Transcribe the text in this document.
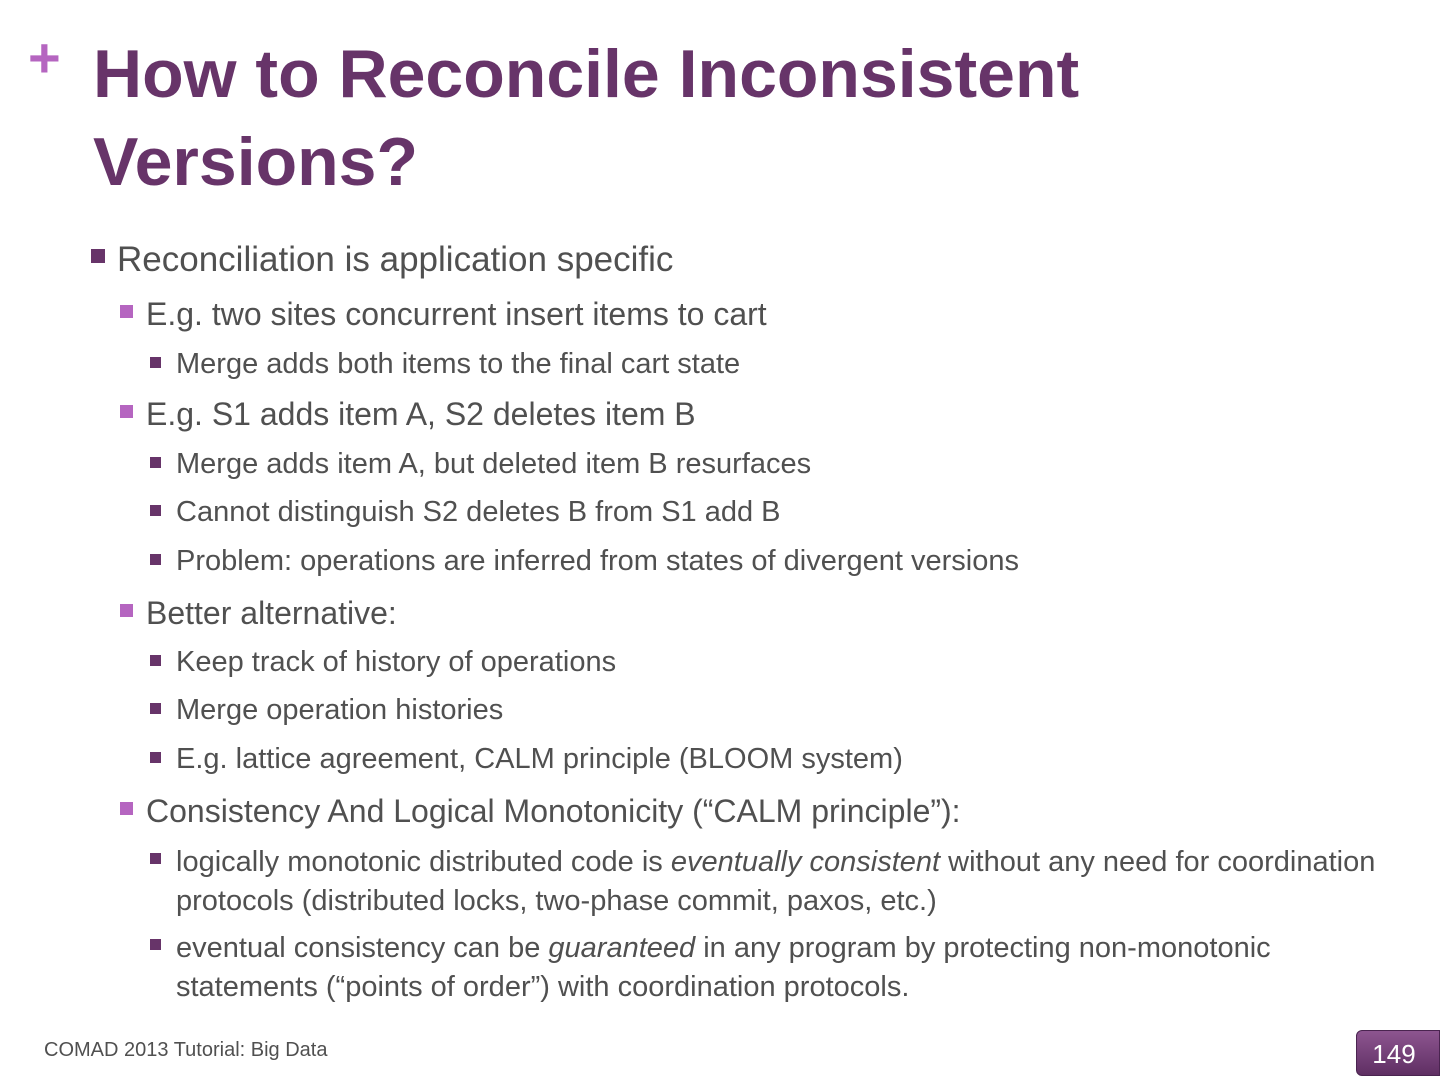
+ How to Reconcile Inconsistent Versions?
Reconciliation is application specific
E.g. two sites concurrent insert items to cart
Merge adds both items to the final cart state
E.g. S1 adds item A, S2 deletes item B
Merge adds item A, but deleted item B resurfaces
Cannot distinguish S2 deletes B from S1 add B
Problem: operations are inferred from states of divergent versions
Better alternative:
Keep track of history of operations
Merge operation histories
E.g. lattice agreement, CALM principle (BLOOM system)
Consistency And Logical Monotonicity (“CALM principle”):
logically monotonic distributed code is eventually consistent without any need for coordination protocols (distributed locks, two-phase commit, paxos, etc.)
eventual consistency can be guaranteed in any program by protecting non-monotonic statements (“points of order”) with coordination protocols.
COMAD 2013 Tutorial: Big Data	149
